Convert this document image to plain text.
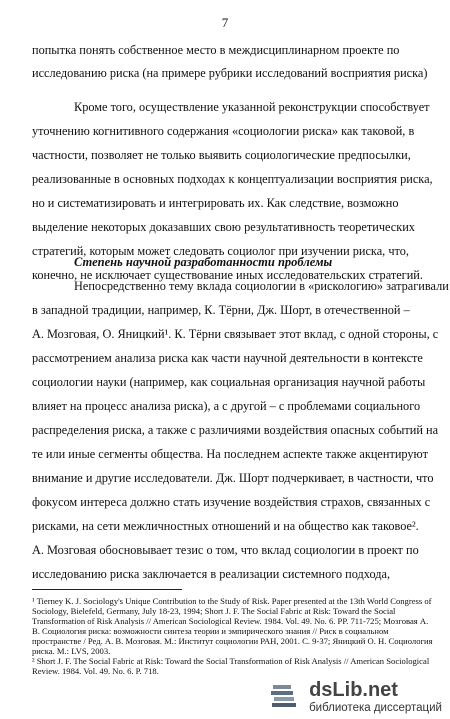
7
попытка понять собственное место в междисциплинарном проекте по
исследованию риска (на примере рубрики исследований восприятия риска)
Кроме того, осуществление указанной реконструкции способствует
уточнению когнитивного содержания «социологии риска» как таковой, в
частности, позволяет не только выявить социологические предпосылки,
реализованные в основных подходах к концептуализации восприятия риска,
но и систематизировать и интегрировать их. Как следствие, возможно
выделение некоторых доказавших свою результативность теоретических
стратегий, которым может следовать социолог при изучении риска, что,
конечно, не исключает существование иных исследовательских стратегий.
Степень научной разработанности проблемы
Непосредственно тему вклада социологии в «рискологию» затрагивали
в западной традиции, например, К. Тёрни, Дж. Шорт, в отечественной –
А. Мозговая, О. Яницкий¹. К. Тёрни связывает этот вклад, с одной стороны, с
рассмотрением анализа риска как части научной деятельности в контексте
социологии науки (например, как социальная организация научной работы
влияет на процесс анализа риска), а с другой – с проблемами социального
распределения риска, а также с различиями воздействия опасных событий на
те или иные сегменты общества. На последнем аспекте также акцентируют
внимание и другие исследователи. Дж. Шорт подчеркивает, в частности, что
фокусом интереса должно стать изучение воздействия страхов, связанных с
рисками, на сети межличностных отношений и на общество как таковое².
А. Мозговая обосновывает тезис о том, что вклад социологии в проект по
исследованию риска заключается в реализации системного подхода,
¹ Tierney K. J. Sociology's Unique Contribution to the Study of Risk. Paper presented at the 13th World Congress of
Sociology, Bielefeld, Germany, July 18-23, 1994; Short J. F. The Social Fabric at Risk: Toward the Social
Transformation of Risk Analysis // American Sociological Review. 1984. Vol. 49. No. 6. PP. 711-725; Мозговая А.
В. Социология риска: возможности синтеза теории и эмпирического знания // Риск в социальном
пространстве / Ред. А. В. Мозговая. М.: Институт социологии РАН, 2001. С. 9-37; Яницкий О. Н. Социология
риска. М.: LVS, 2003.
² Short J. F. The Social Fabric at Risk: Toward the Social Transformation of Risk Analysis // American Sociological
Review. 1984. Vol. 49. No. 6. P. 718.
dsLib.net
библиотека диссертаций
